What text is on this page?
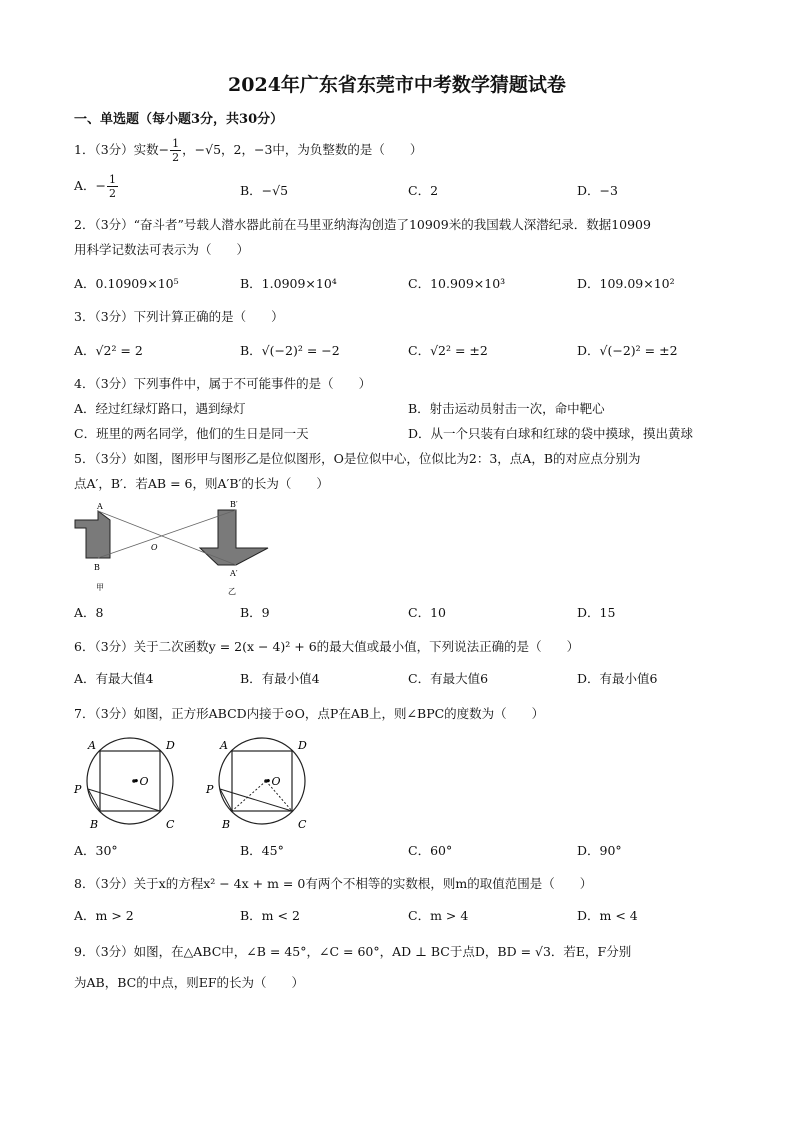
2024年广东省东莞市中考数学猜题试卷
一、单选题（每小题3分，共30分）
1．（3分）实数− $\frac{1}{2}$ ，−√5，2，−3中，为负整数的是（　　）
A．− $\frac{1}{2}$	B．−√5	C．2	D．−3
2．（3分）“奋斗者”号载人潜水器此前在马里亚纳海沟创造了10909米的我国载人深潜纪录．数据10909
用科学记数法可表示为（　　）
A．0.10909×10⁵	B．1.0909×10⁴	C．10.909×10³	D．109.09×10²
3．（3分）下列计算正确的是（　　）
A．√2² = 2	B．√(−2)² = −2	C．√2² = ±2	D．√(−2)² = ±2
4．（3分）下列事件中，属于不可能事件的是（　　）
A．经过红绿灯路口，遇到绿灯	B．射击运动员射击一次，命中靶心
C．班里的两名同学，他们的生日是同一天	D．从一个只装有白球和红球的袋中摸球，摸出黄球
5．（3分）如图，图形甲与图形乙是位似图形，O是位似中心，位似比为2：3，点A，B的对应点分别为
点A′，B′．若AB = 6，则A′B′的长为（　　）
A
B
O
B′
A′
甲	乙
A．8	B．9	C．10	D．15
6．（3分）关于二次函数y = 2(x − 4)² + 6的最大值或最小值，下列说法正确的是（　　）
A．有最大值4	B．有最小值4	C．有最大值6	D．有最小值6
7．（3分）如图，正方形ABCD内接于⊙O，点P在AB上，则∠BPC的度数为（　　）
A	D
P
B	C
•O
A	D
P
B	C
•O
A．30°	B．45°	C．60°	D．90°
8．（3分）关于x的方程x² − 4x + m = 0有两个不相等的实数根，则m的取值范围是（　　）
A．m > 2	B．m < 2	C．m > 4	D．m < 4
9．（3分）如图，在△ABC中，∠B = 45°，∠C = 60°，AD ⊥ BC于点D，BD = √3．若E，F分别
为AB，BC的中点，则EF的长为（　　）
